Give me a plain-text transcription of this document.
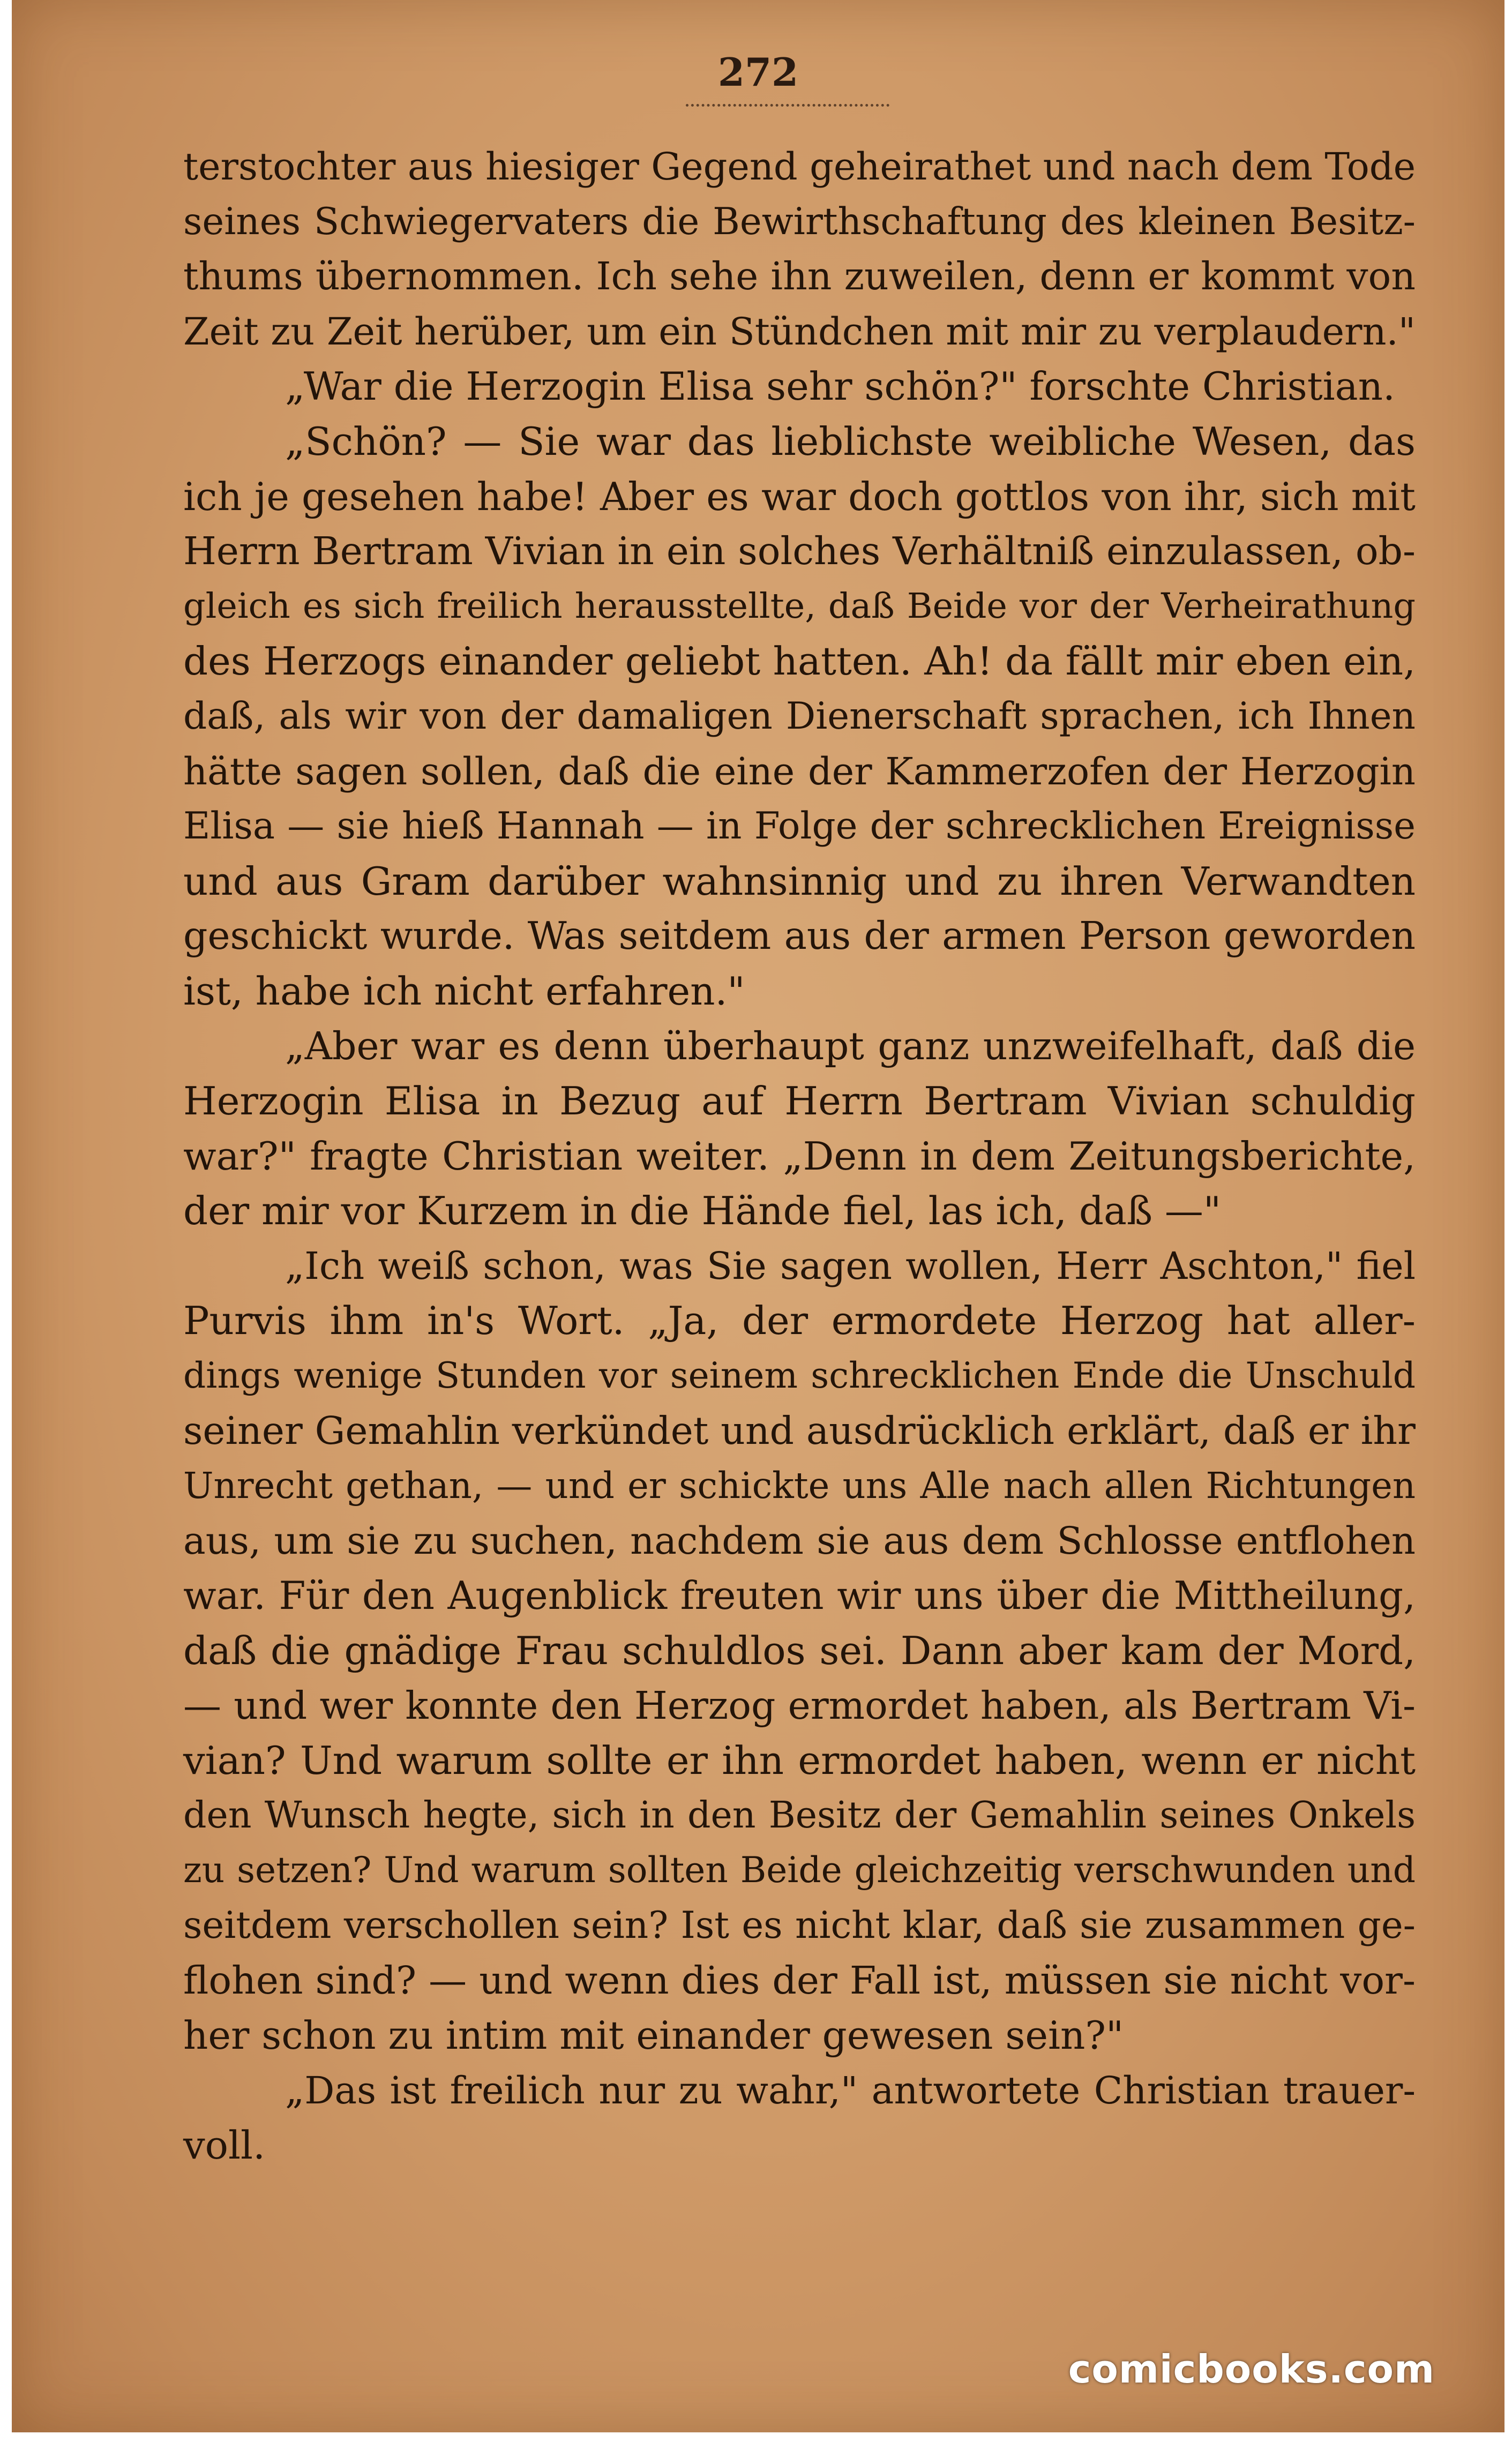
272
terstochter aus hiesiger Gegend geheirathet und nach dem Tode
seines Schwiegervaters die Bewirthschaftung des kleinen Besitz-
thums übernommen. Ich sehe ihn zuweilen, denn er kommt von
Zeit zu Zeit herüber, um ein Stündchen mit mir zu verplaudern."
„War die Herzogin Elisa sehr schön?" forschte Christian.
„Schön? — Sie war das lieblichste weibliche Wesen, das
ich je gesehen habe! Aber es war doch gottlos von ihr, sich mit
Herrn Bertram Vivian in ein solches Verhältniß einzulassen, ob-
gleich es sich freilich herausstellte, daß Beide vor der Verheirathung
des Herzogs einander geliebt hatten. Ah! da fällt mir eben ein,
daß, als wir von der damaligen Dienerschaft sprachen, ich Ihnen
hätte sagen sollen, daß die eine der Kammerzofen der Herzogin
Elisa — sie hieß Hannah — in Folge der schrecklichen Ereignisse
und aus Gram darüber wahnsinnig und zu ihren Verwandten
geschickt wurde. Was seitdem aus der armen Person geworden
ist, habe ich nicht erfahren."
„Aber war es denn überhaupt ganz unzweifelhaft, daß die
Herzogin Elisa in Bezug auf Herrn Bertram Vivian schuldig
war?" fragte Christian weiter. „Denn in dem Zeitungsberichte,
der mir vor Kurzem in die Hände fiel, las ich, daß —"
„Ich weiß schon, was Sie sagen wollen, Herr Aschton," fiel
Purvis ihm in's Wort. „Ja, der ermordete Herzog hat aller-
dings wenige Stunden vor seinem schrecklichen Ende die Unschuld
seiner Gemahlin verkündet und ausdrücklich erklärt, daß er ihr
Unrecht gethan, — und er schickte uns Alle nach allen Richtungen
aus, um sie zu suchen, nachdem sie aus dem Schlosse entflohen
war. Für den Augenblick freuten wir uns über die Mittheilung,
daß die gnädige Frau schuldlos sei. Dann aber kam der Mord,
— und wer konnte den Herzog ermordet haben, als Bertram Vi-
vian? Und warum sollte er ihn ermordet haben, wenn er nicht
den Wunsch hegte, sich in den Besitz der Gemahlin seines Onkels
zu setzen? Und warum sollten Beide gleichzeitig verschwunden und
seitdem verschollen sein? Ist es nicht klar, daß sie zusammen ge-
flohen sind? — und wenn dies der Fall ist, müssen sie nicht vor-
her schon zu intim mit einander gewesen sein?"
„Das ist freilich nur zu wahr," antwortete Christian trauer-
voll.
comicbooks.com
